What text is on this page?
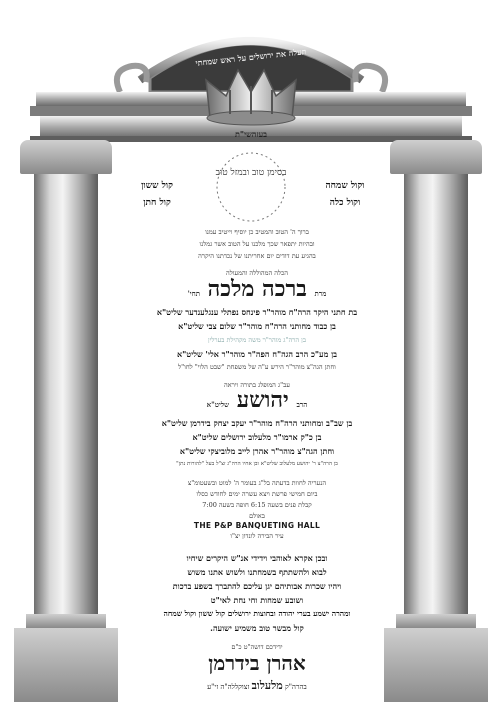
תעלה את ירושלים על ראש שמחתי
בעזהשי"ת
בסימן טוב ובמזל טוב
קול ששון
קול חתן
וקול שמחה
וקול כלה
ברוך ה' הטוב והמטיב כן יוסיף וייטיב עמנו
ובהיות יתפאר שכך מלכנו על הטוב אשר גמלנו
בהגיע עת דודים יום אחריתנו של נכדתנו היקרה
הכלה המהוללה והמעולה
מרת ברכה מלכה תחי'
בת חתני היקר הרה"ח מוהר"ר פינחס נפתלי ענגלענדער שליט"א
בן כבוד מחותני הרה"ח מוהר"ר שלום צבי שליט"א
בן הרה"ג מוהר"ר משה מקהילת בערלין
בן מע"כ הרב הגה"ח הפה"ר מוהר"ר אלי' שליט"א
וחתן הגה"צ מוהר"ר הירש ע"ה של משפחת "שבט הלוי" לחו"ל
עב"ג המופלג בתורה ויראה
הרב יהושע שליט"א
בן שב"ב ומחותני הרה"ח מוהר"ר יעקב יצחק בידרמן שליט"א
בן כ"ק ארמו"ר מלעלוב ירושלים שליט"א
וחתן הגה"צ מוהר"ר אהרן לייב מלוביצקי שליט"א
בן הרה"צ ר' יהושע מלעלוב שליט"א ובן אחיו הרה"ג זצ"ל בעל "להורות נתן"
הנעריה לחוות בדעתה בל"ג בעומר ה' למוט ובשעטומ"צ
ביום חמישי פרשת ויצא עשרה ימים לחודש כסלו
קבלת פנים בשעה 6:15 חופה בשעה 7:00
באולם
THE P&P BANQUETING HALL
עיר הבירה לונדון יצ"ו
ובכן אקרא לאוהבי וידידי אנ"ש היקרים שיחיו
לבוא ולהשתתף בשמחתנו ולשוש אתנו משוש
ויהיו שכרות אבותיהם יגן עליכם להתברך בשפע ברכות
ושובע שמחות וחי נחת לאי"ט
ומהרה ישמע בערי יהודה ובחוצות ירושלים קול ששון וקול שמחה
קול מבשר טוב משמיע ישועה.
ידידכם דושה"ט כ"ם
אהרן בידרמן
בהרה"ק מלעלוב זצוקללה"ה זי"ע
